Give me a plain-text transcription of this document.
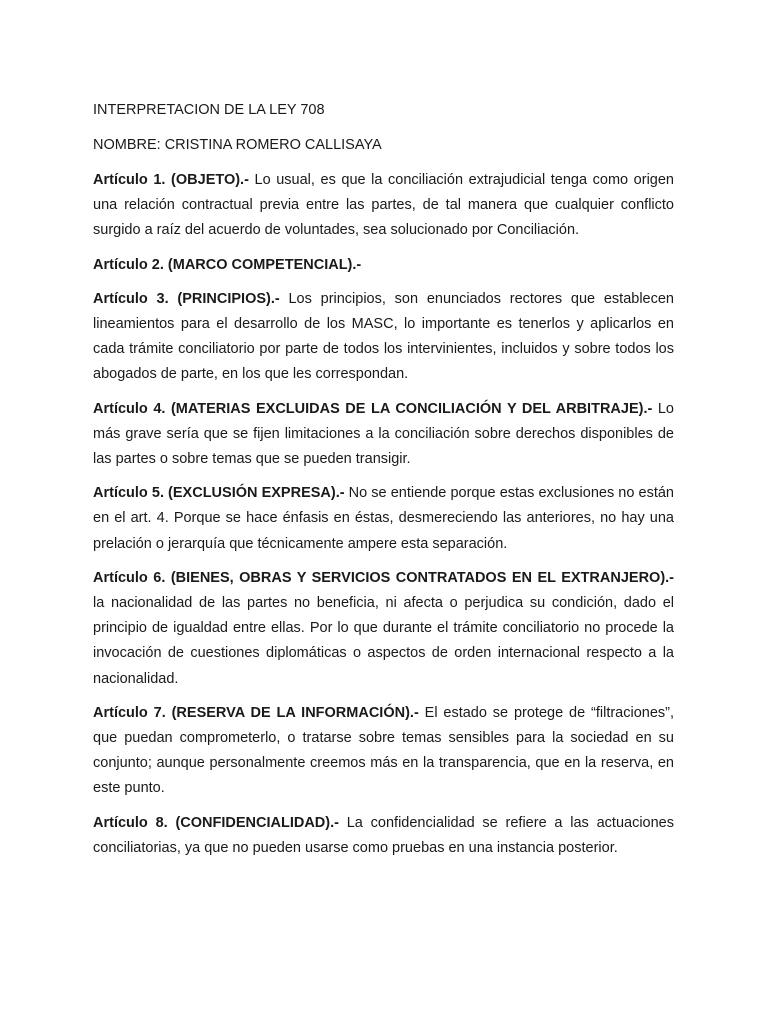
INTERPRETACION DE LA LEY 708
NOMBRE: CRISTINA ROMERO CALLISAYA

Artículo 1. (OBJETO).- Lo usual, es que la conciliación extrajudicial tenga como origen una relación contractual previa entre las partes, de tal manera que cualquier conflicto surgido a raíz del acuerdo de voluntades, sea solucionado por Conciliación.

Artículo 2. (MARCO COMPETENCIAL).-

Artículo 3. (PRINCIPIOS).- Los principios, son enunciados rectores que establecen lineamientos para el desarrollo de los MASC, lo importante es tenerlos y aplicarlos en cada trámite conciliatorio por parte de todos los intervinientes, incluidos y sobre todos los abogados de parte, en los que les correspondan.

Artículo 4. (MATERIAS EXCLUIDAS DE LA CONCILIACIÓN Y DEL ARBITRAJE).- Lo más grave sería que se fijen limitaciones a la conciliación sobre derechos disponibles de las partes o sobre temas que se pueden transigir.

Artículo 5. (EXCLUSIÓN EXPRESA).- No se entiende porque estas exclusiones no están en el art. 4. Porque se hace énfasis en éstas, desmereciendo las anteriores, no hay una prelación o jerarquía que técnicamente ampere esta separación.

Artículo 6. (BIENES, OBRAS Y SERVICIOS CONTRATADOS EN EL EXTRANJERO).- la nacionalidad de las partes no beneficia, ni afecta o perjudica su condición, dado el principio de igualdad entre ellas. Por lo que durante el trámite conciliatorio no procede la invocación de cuestiones diplomáticas o aspectos de orden internacional respecto a la nacionalidad.

Artículo 7. (RESERVA DE LA INFORMACIÓN).- El estado se protege de “filtraciones”, que puedan comprometerlo, o tratarse sobre temas sensibles para la sociedad en su conjunto; aunque personalmente creemos más en la transparencia, que en la reserva, en este punto.

Artículo 8. (CONFIDENCIALIDAD).- La confidencialidad se refiere a las actuaciones conciliatorias, ya que no pueden usarse como pruebas en una instancia posterior.
